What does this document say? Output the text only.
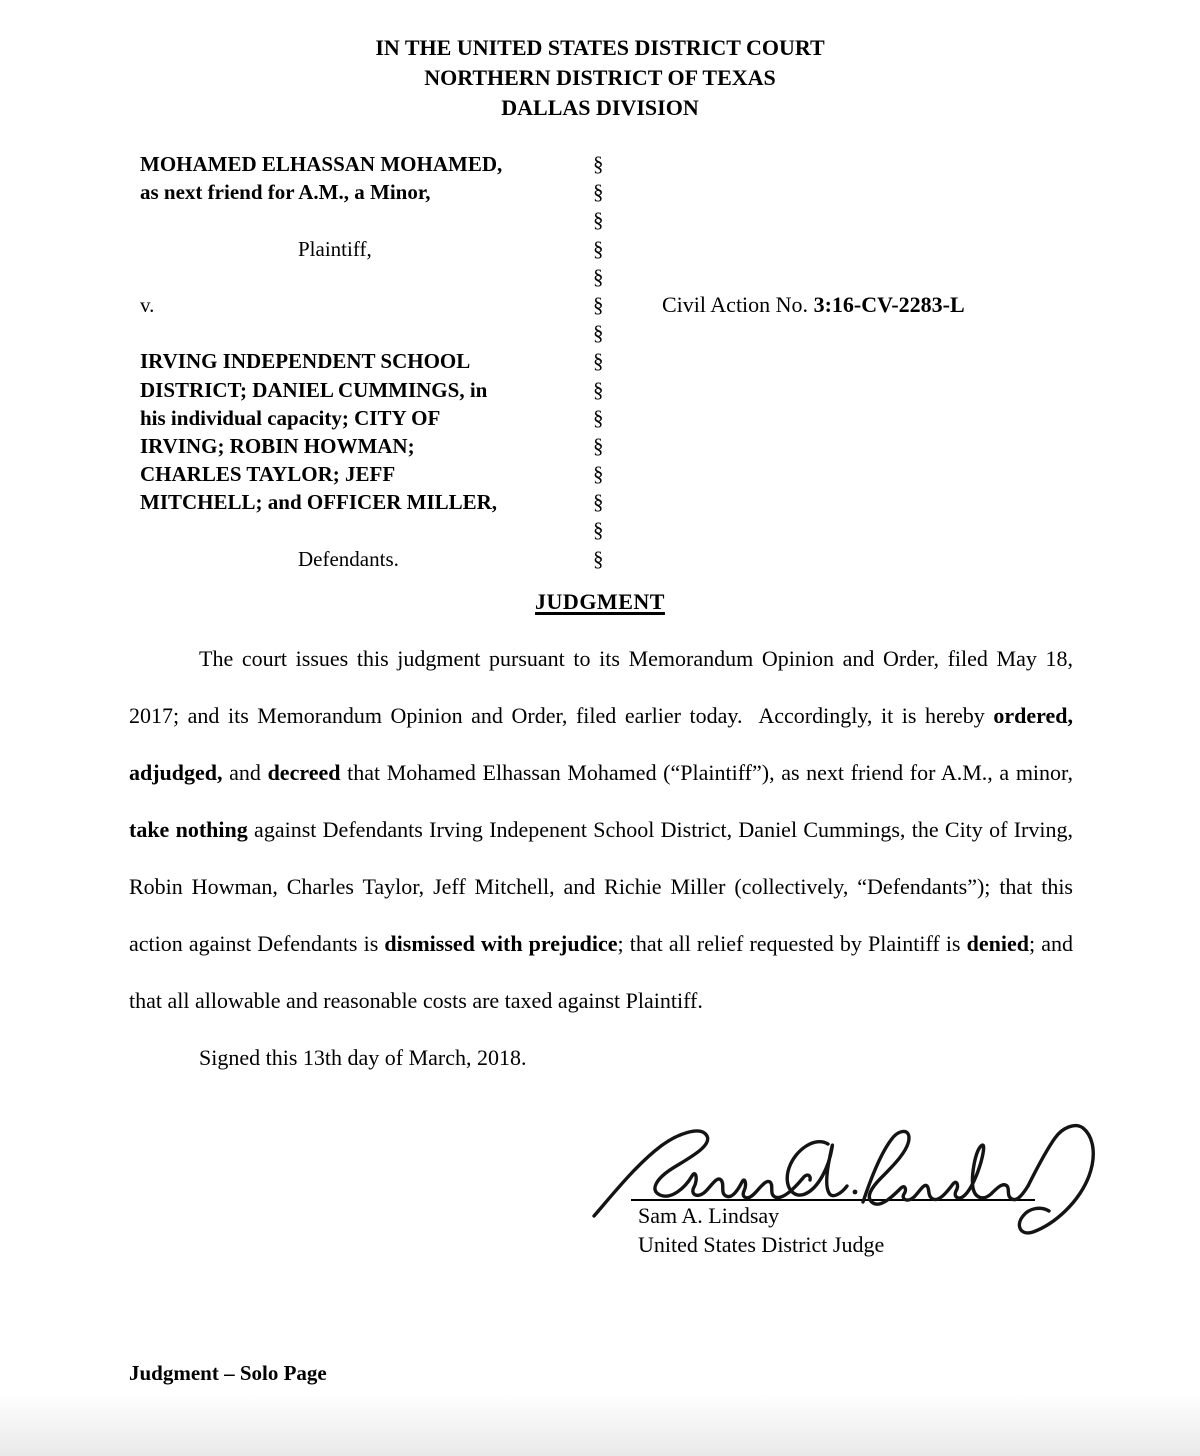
IN THE UNITED STATES DISTRICT COURT
NORTHERN DISTRICT OF TEXAS
DALLAS DIVISION
MOHAMED ELHASSAN MOHAMED,	§
as next friend for A.M., a Minor,	§
§
Plaintiff,	§
§
v.	§	Civil Action No. 3:16-CV-2283-L
§
IRVING INDEPENDENT SCHOOL	§
DISTRICT; DANIEL CUMMINGS, in	§
his individual capacity; CITY OF	§
IRVING; ROBIN HOWMAN;	§
CHARLES TAYLOR; JEFF	§
MITCHELL; and OFFICER MILLER,	§
§
Defendants.	§
JUDGMENT

The court issues this judgment pursuant to its Memorandum Opinion and Order, filed May 18, 2017; and its Memorandum Opinion and Order, filed earlier today.  Accordingly, it is hereby ordered, adjudged, and decreed that Mohamed Elhassan Mohamed (“Plaintiff”), as next friend for A.M., a minor, take nothing against Defendants Irving Indepenent School District, Daniel Cummings, the City of Irving, Robin Howman, Charles Taylor, Jeff Mitchell, and Richie Miller (collectively, “Defendants”); that this action against Defendants is dismissed with prejudice; that all relief requested by Plaintiff is denied; and that all allowable and reasonable costs are taxed against Plaintiff.

Signed this 13th day of March, 2018.

Sam A. Lindsay
United States District Judge
Judgment – Solo Page
